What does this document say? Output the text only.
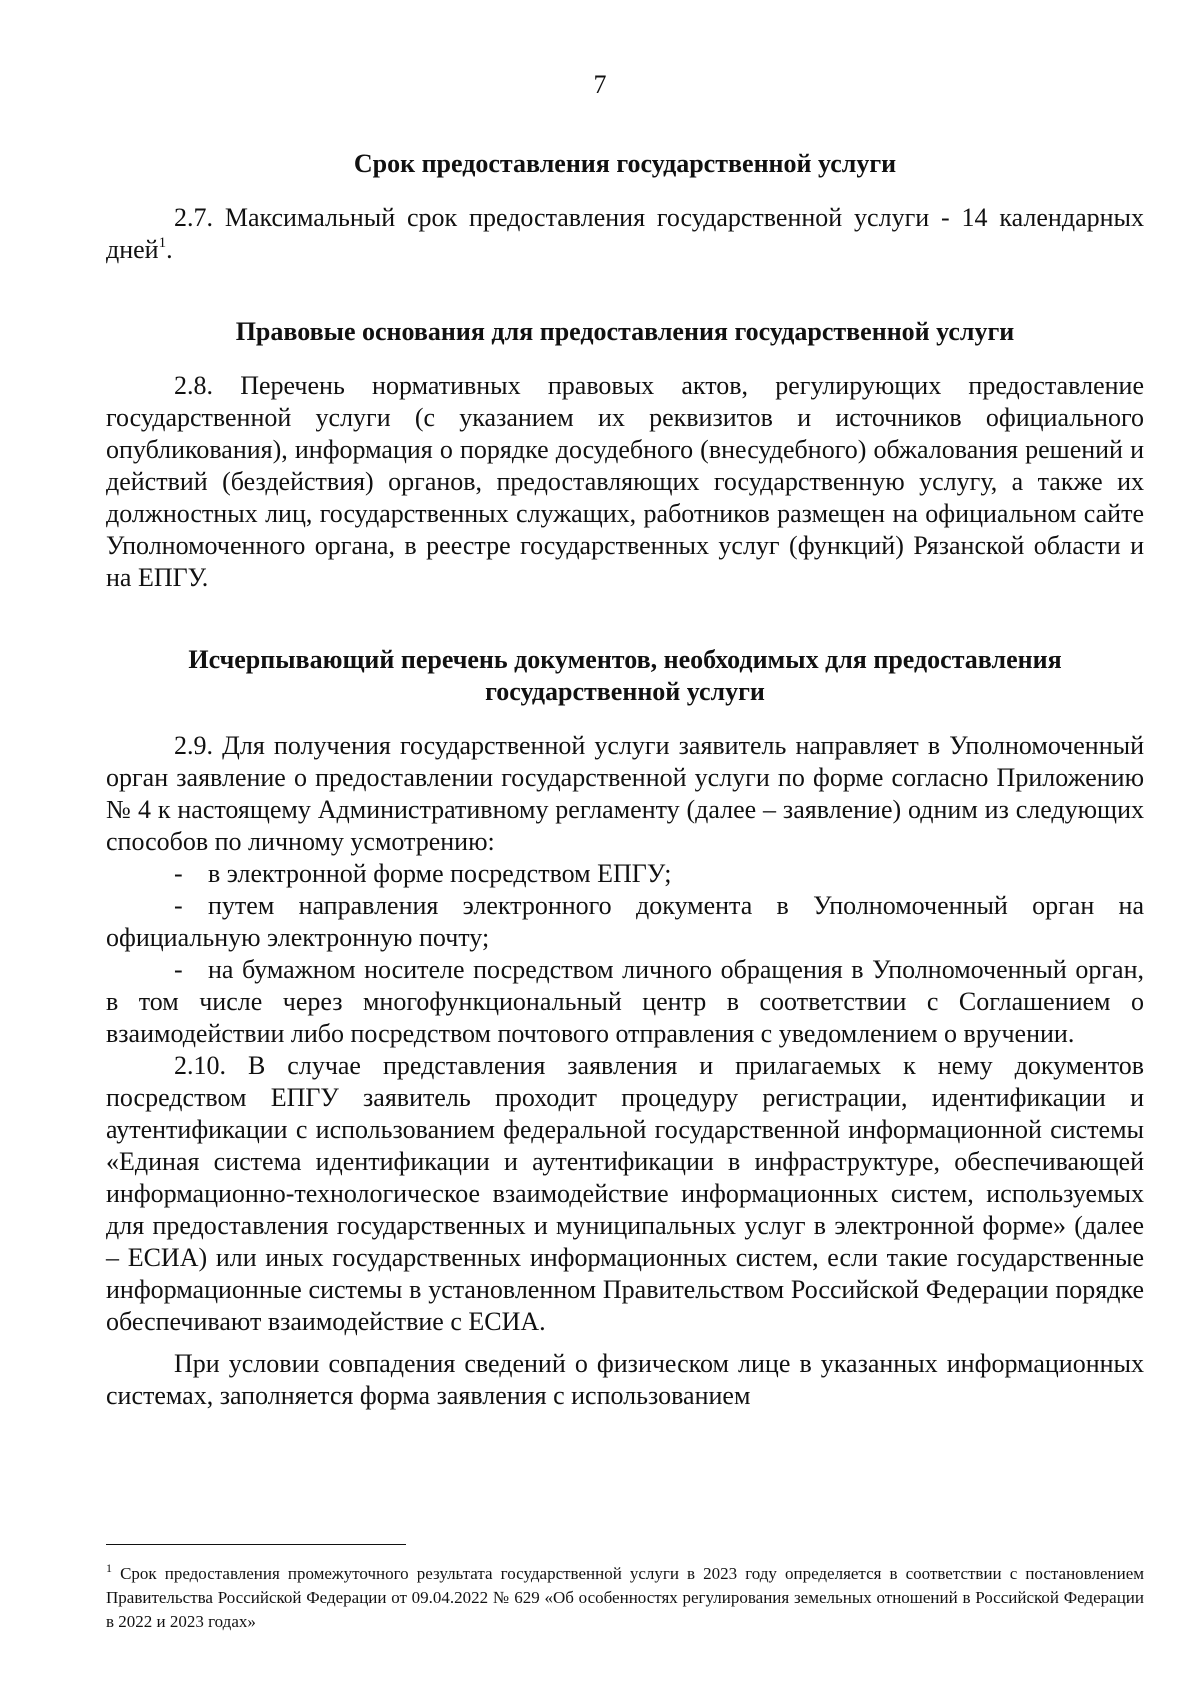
7
Срок предоставления государственной услуги

2.7. Максимальный срок предоставления государственной услуги - 14 календарных дней$^1$.

Правовые основания для предоставления государственной услуги

2.8. Перечень нормативных правовых актов, регулирующих предоставление государственной услуги (с указанием их реквизитов и источников официального опубликования), информация о порядке досудебного (внесудебного) обжалования решений и действий (бездействия) органов, предоставляющих государственную услугу, а также их должностных лиц, государственных служащих, работников размещен на официальном сайте Уполномоченного органа, в реестре государственных услуг (функций) Рязанской области и на ЕПГУ.

Исчерпывающий перечень документов, необходимых для предоставления
государственной услуги

2.9. Для получения государственной услуги заявитель направляет в Уполномоченный орган заявление о предоставлении государственной услуги по форме согласно Приложению № 4 к настоящему Административному регламенту (далее – заявление) одним из следующих способов по личному усмотрению:

- в электронной форме посредством ЕПГУ;

- путем направления электронного документа в Уполномоченный орган на официальную электронную почту;

- на бумажном носителе посредством личного обращения в Уполномоченный орган, в том числе через многофункциональный центр в соответствии с Соглашением о взаимодействии либо посредством почтового отправления с уведомлением о вручении.

2.10. В случае представления заявления и прилагаемых к нему документов посредством ЕПГУ заявитель проходит процедуру регистрации, идентификации и аутентификации с использованием федеральной государственной информационной системы «Единая система идентификации и аутентификации в инфраструктуре, обеспечивающей информационно-технологическое взаимодействие информационных систем, используемых для предоставления государственных и муниципальных услуг в электронной форме» (далее – ЕСИА) или иных государственных информационных систем, если такие государственные информационные системы в установленном Правительством Российской Федерации порядке обеспечивают взаимодействие с ЕСИА.

При условии совпадения сведений о физическом лице в указанных информационных системах, заполняется форма заявления с использованием

$^1$ Срок предоставления промежуточного результата государственной услуги в 2023 году определяется в соответствии с постановлением Правительства Российской Федерации от 09.04.2022 № 629 «Об особенностях регулирования земельных отношений в Российской Федерации в 2022 и 2023 годах»
